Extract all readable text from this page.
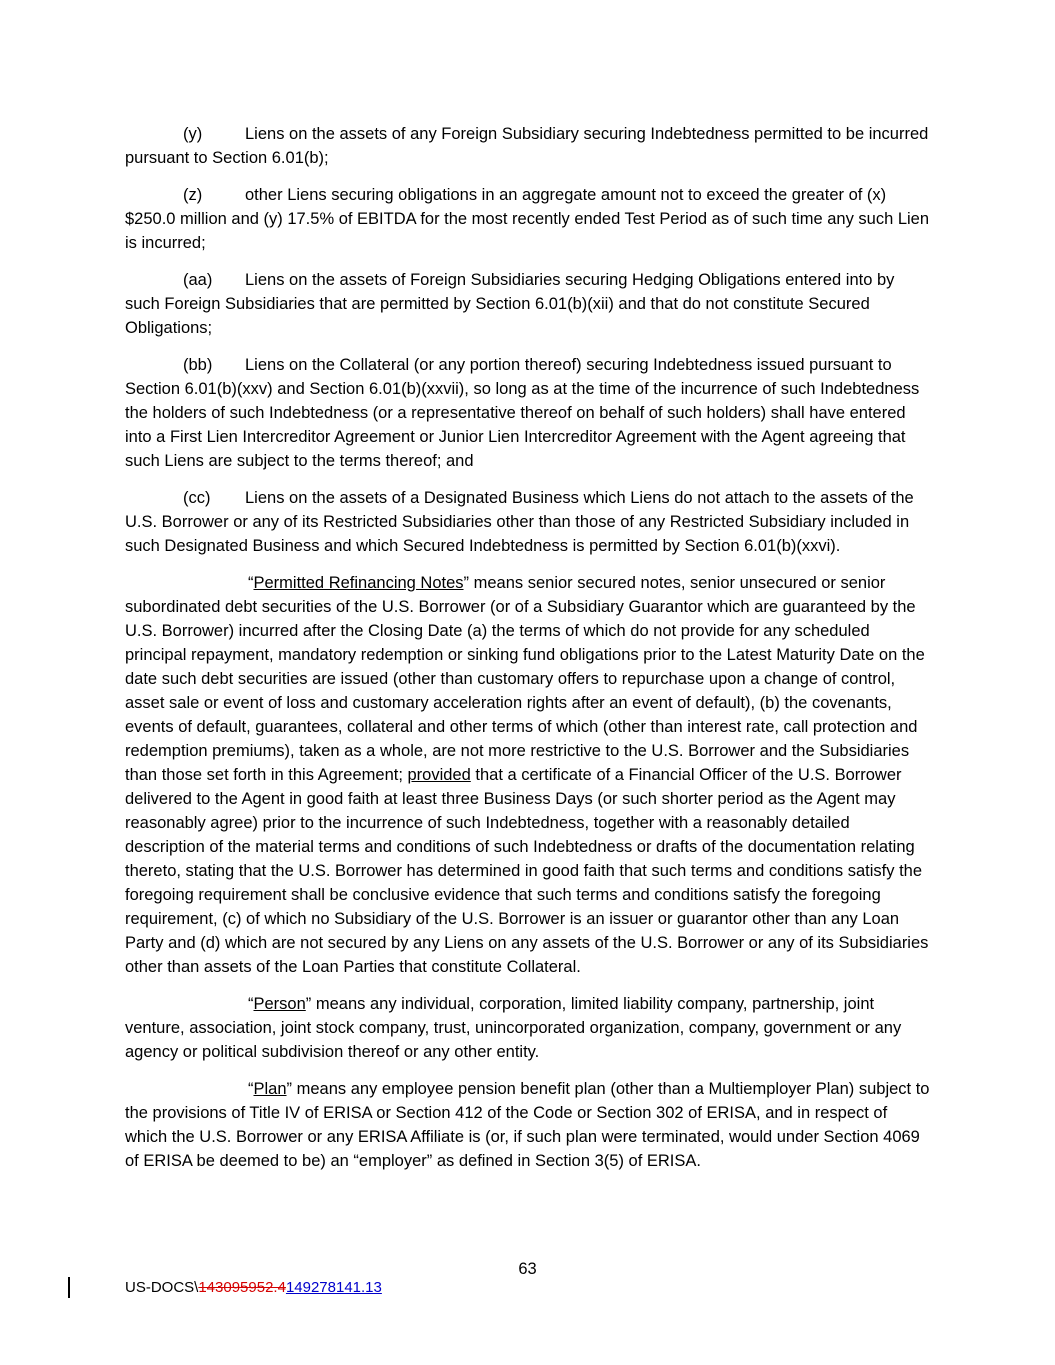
(y)	Liens on the assets of any Foreign Subsidiary securing Indebtedness permitted to be incurred pursuant to Section 6.01(b);

(z)	other Liens securing obligations in an aggregate amount not to exceed the greater of (x) $250.0 million and (y) 17.5% of EBITDA for the most recently ended Test Period as of such time any such Lien is incurred;

(aa) Liens on the assets of Foreign Subsidiaries securing Hedging Obligations entered into by such Foreign Subsidiaries that are permitted by Section 6.01(b)(xii) and that do not constitute Secured Obligations;

(bb) Liens on the Collateral (or any portion thereof) securing Indebtedness issued pursuant to Section 6.01(b)(xxv) and Section 6.01(b)(xxvii), so long as at the time of the incurrence of such Indebtedness the holders of such Indebtedness (or a representative thereof on behalf of such holders) shall have entered into a First Lien Intercreditor Agreement or Junior Lien Intercreditor Agreement with the Agent agreeing that such Liens are subject to the terms thereof; and

(cc) Liens on the assets of a Designated Business which Liens do not attach to the assets of the U.S. Borrower or any of its Restricted Subsidiaries other than those of any Restricted Subsidiary included in such Designated Business and which Secured Indebtedness is permitted by Section 6.01(b)(xxvi).

“Permitted Refinancing Notes” means senior secured notes, senior unsecured or senior subordinated debt securities of the U.S. Borrower (or of a Subsidiary Guarantor which are guaranteed by the U.S. Borrower) incurred after the Closing Date (a) the terms of which do not provide for any scheduled principal repayment, mandatory redemption or sinking fund obligations prior to the Latest Maturity Date on the date such debt securities are issued (other than customary offers to repurchase upon a change of control, asset sale or event of loss and customary acceleration rights after an event of default), (b) the covenants, events of default, guarantees, collateral and other terms of which (other than interest rate, call protection and redemption premiums), taken as a whole, are not more restrictive to the U.S. Borrower and the Subsidiaries than those set forth in this Agreement; provided that a certificate of a Financial Officer of the U.S. Borrower delivered to the Agent in good faith at least three Business Days (or such shorter period as the Agent may reasonably agree) prior to the incurrence of such Indebtedness, together with a reasonably detailed description of the material terms and conditions of such Indebtedness or drafts of the documentation relating thereto, stating that the U.S. Borrower has determined in good faith that such terms and conditions satisfy the foregoing requirement shall be conclusive evidence that such terms and conditions satisfy the foregoing requirement, (c) of which no Subsidiary of the U.S. Borrower is an issuer or guarantor other than any Loan Party and (d) which are not secured by any Liens on any assets of the U.S. Borrower or any of its Subsidiaries other than assets of the Loan Parties that constitute Collateral.

“Person” means any individual, corporation, limited liability company, partnership, joint venture, association, joint stock company, trust, unincorporated organization, company, government or any agency or political subdivision thereof or any other entity.

“Plan” means any employee pension benefit plan (other than a Multiemployer Plan) subject to the provisions of Title IV of ERISA or Section 412 of the Code or Section 302 of ERISA, and in respect of which the U.S. Borrower or any ERISA Affiliate is (or, if such plan were terminated, would under Section 4069 of ERISA be deemed to be) an “employer” as defined in Section 3(5) of ERISA.

63
US-DOCS\143095952.4149278141.13
